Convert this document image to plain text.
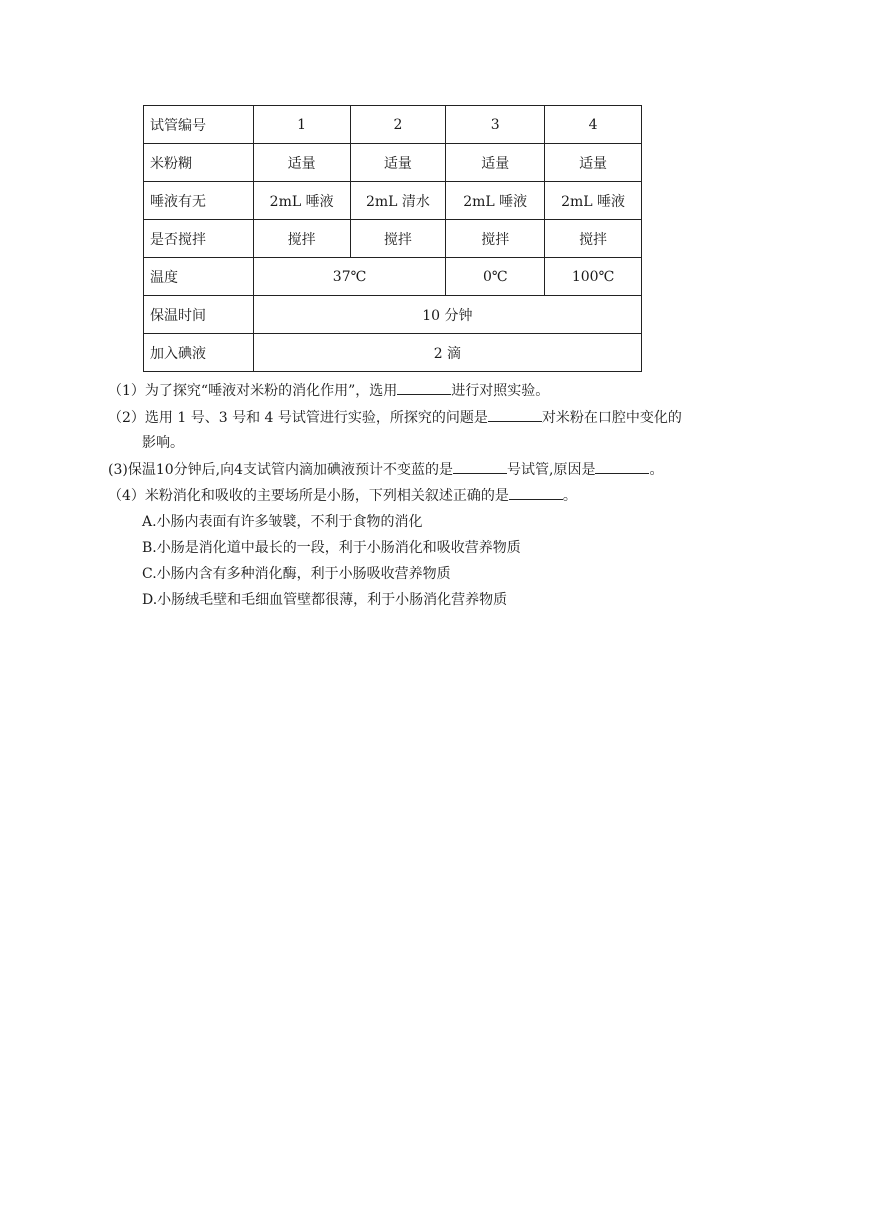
试管编号	1	2	3	4
米粉糊	适量	适量	适量	适量
唾液有无	2mL 唾液	2mL 清水	2mL 唾液	2mL 唾液
是否搅拌	搅拌	搅拌	搅拌	搅拌
温度	37℃		0℃	100℃
保温时间	10 分钟			
加入碘液	2 滴			
（1）为了探究“唾液对米粉的消化作用”，选用	进行对照实验。
（2）选用 1 号、3 号和 4 号试管进行实验，所探究的问题是	对米粉在口腔中变化的
影响。
(3)保温10分钟后,向4支试管内滴加碘液预计不变蓝的是	号试管,原因是	。
（4）米粉消化和吸收的主要场所是小肠，下列相关叙述正确的是	。
A.小肠内表面有许多皱襞，不利于食物的消化
B.小肠是消化道中最长的一段，利于小肠消化和吸收营养物质
C.小肠内含有多种消化酶，利于小肠吸收营养物质
D.小肠绒毛壁和毛细血管壁都很薄，利于小肠消化营养物质
